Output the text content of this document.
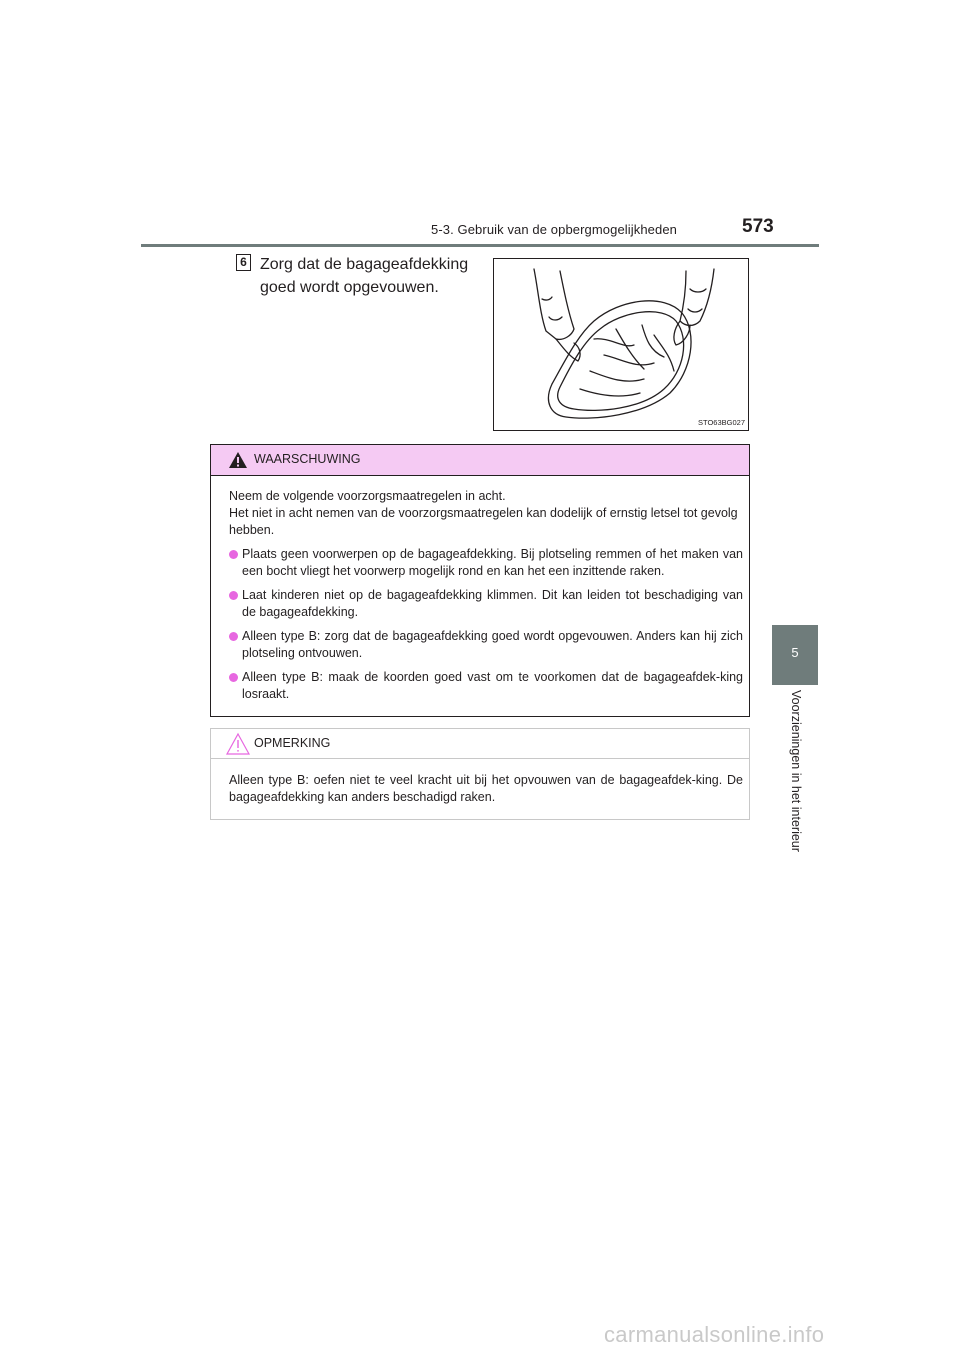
5-3. Gebruik van de opbergmogelijkheden	573
5
Voorzieningen in het interieur
6 Zorg dat de bagageafdekking goed wordt opgevouwen.
STO63BG027
WAARSCHUWING

Neem de volgende voorzorgsmaatregelen in acht.
Het niet in acht nemen van de voorzorgsmaatregelen kan dodelijk of ernstig letsel tot gevolg hebben.

Plaats geen voorwerpen op de bagageafdekking. Bij plotseling remmen of het maken van een bocht vliegt het voorwerp mogelijk rond en kan het een inzittende raken.
Laat kinderen niet op de bagageafdekking klimmen. Dit kan leiden tot beschadiging van de bagageafdekking.
Alleen type B: zorg dat de bagageafdekking goed wordt opgevouwen. Anders kan hij zich plotseling ontvouwen.
Alleen type B: maak de koorden goed vast om te voorkomen dat de bagageafdek-king losraakt.
OPMERKING
Alleen type B: oefen niet te veel kracht uit bij het opvouwen van de bagageafdek-king. De bagageafdekking kan anders beschadigd raken.
carmanualsonline.info
